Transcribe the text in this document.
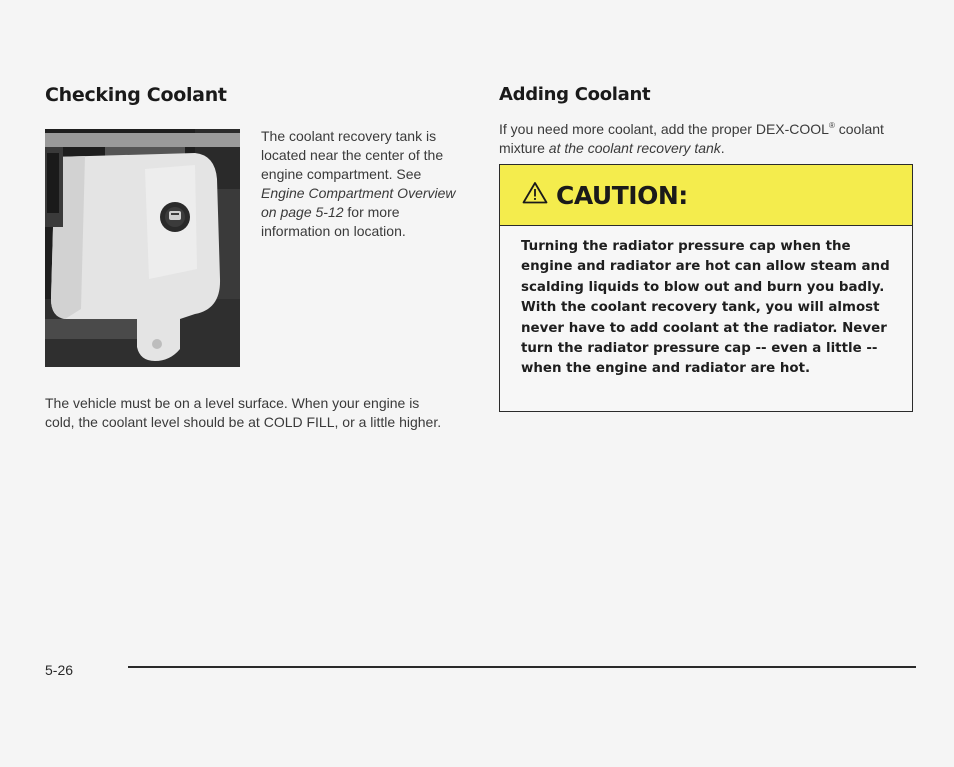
Checking Coolant

The coolant recovery tank is located near the center of the engine compartment. See Engine Compartment Overview on page 5-12 for more information on location.

The vehicle must be on a level surface. When your engine is cold, the coolant level should be at COLD FILL, or a little higher.

Adding Coolant

If you need more coolant, add the proper DEX-COOL® coolant mixture at the coolant recovery tank.

CAUTION:

Turning the radiator pressure cap when the engine and radiator are hot can allow steam and scalding liquids to blow out and burn you badly. With the coolant recovery tank, you will almost never have to add coolant at the radiator. Never turn the radiator pressure cap -- even a little -- when the engine and radiator are hot.

5-26
